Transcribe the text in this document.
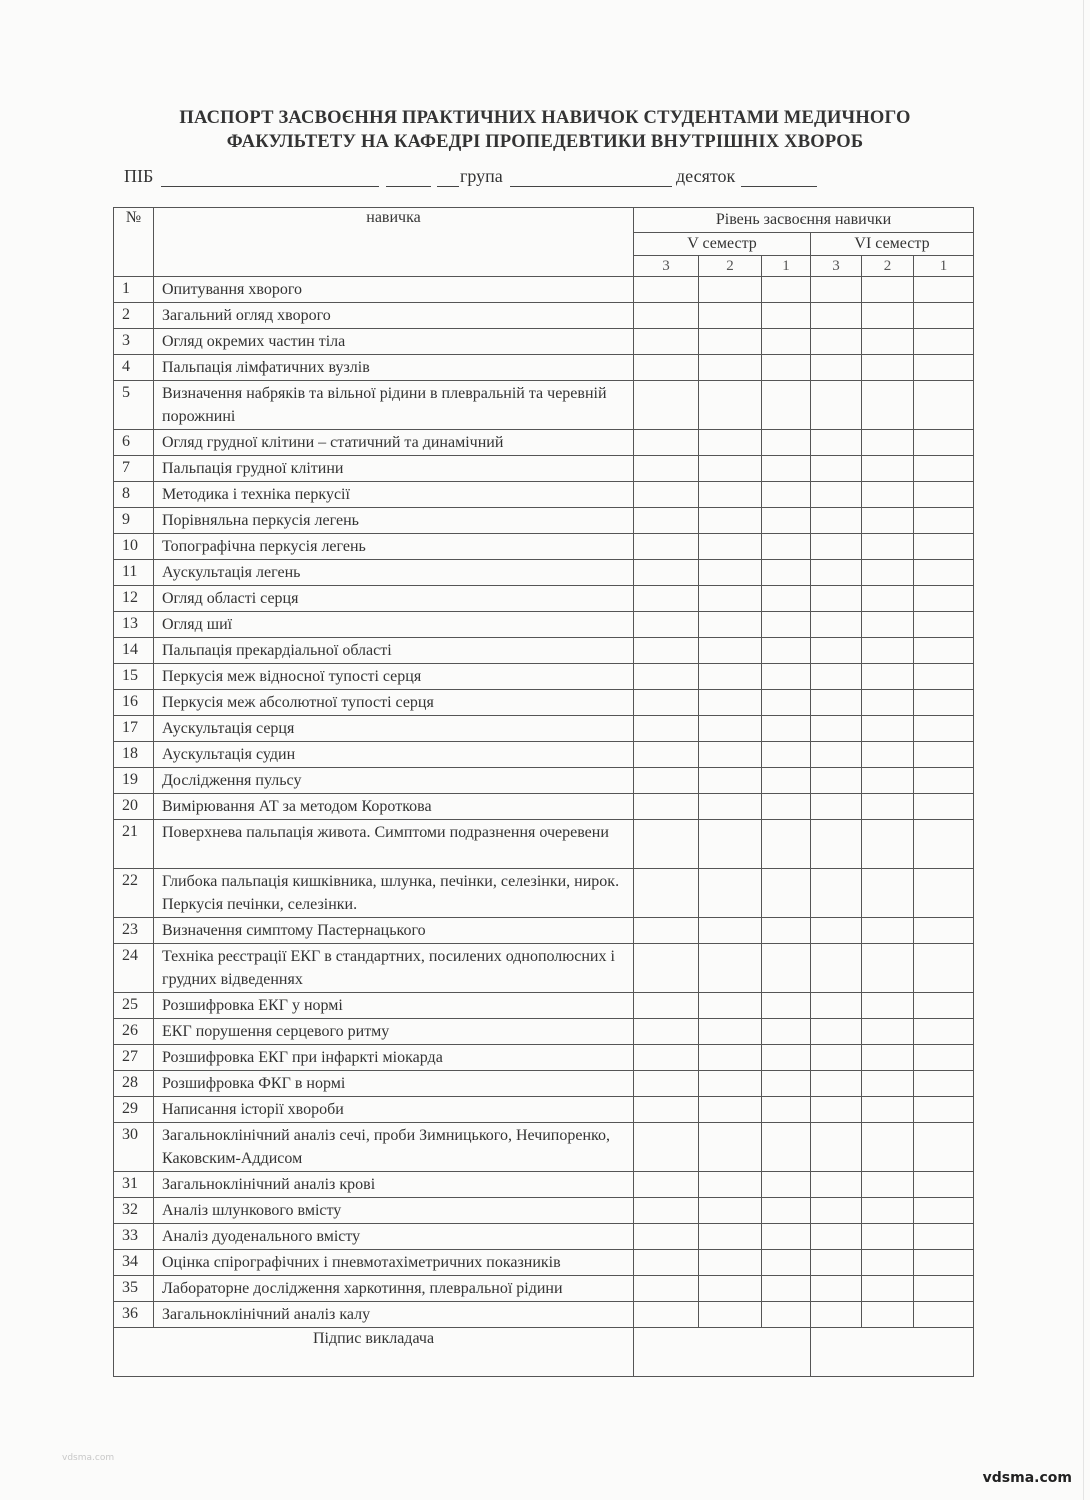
ПАСПОРТ ЗАСВОЄННЯ ПРАКТИЧНИХ НАВИЧОК СТУДЕНТАМИ МЕДИЧНОГО
ФАКУЛЬТЕТУ НА КАФЕДРІ ПРОПЕДЕВТИКИ ВНУТРІШНІХ ХВОРОБ
ПІБ	група	десяток
№	навичка	Рівень засвоєння навички					
		V семестр			VI семестр		
		3	2	1	3	2	1
1	Опитування хворого						
2	Загальний огляд хворого						
3	Огляд окремих частин тіла						
4	Пальпація лімфатичних вузлів						
5	Визначення набряків та вільної рідини в плевральній та черевній порожнині						
6	Огляд грудної клітини – статичний та динамічний						
7	Пальпація грудної клітини						
8	Методика і техніка перкусії						
9	Порівняльна перкусія легень						
10	Топографічна перкусія легень						
11	Аускультація легень						
12	Огляд області серця						
13	Огляд шиї						
14	Пальпація прекардіальної області						
15	Перкусія меж відносної тупості серця						
16	Перкусія меж абсолютної тупості серця						
17	Аускультація серця						
18	Аускультація судин						
19	Дослідження пульсу						
20	Вимірювання АТ за методом Короткова						
21	Поверхнева пальпація живота. Симптоми подразнення очеревени						
22	Глибока пальпація кишківника, шлунка, печінки, селезінки, нирок. Перкусія печінки, селезінки.						
23	Визначення симптому Пастернацького						
24	Техніка реєстрації ЕКГ в стандартних, посилених однополюсних і грудних відведеннях						
25	Розшифровка ЕКГ у нормі						
26	ЕКГ порушення серцевого ритму						
27	Розшифровка ЕКГ при інфаркті міокарда						
28	Розшифровка ФКГ в нормі						
29	Написання історії хвороби						
30	Загальноклінічний аналіз сечі, проби Зимницького, Нечипоренко, Каковским-Аддисом						
31	Загальноклінічний аналіз крові						
32	Аналіз шлункового вмісту						
33	Аналіз дуоденального вмісту						
34	Оцінка спірографічних і пневмотахіметричних показників						
35	Лабораторне дослідження харкотиння, плевральної рідини						
36	Загальноклінічний аналіз калу						
Підпис викладача							
vdsma.com
vdsma.com
